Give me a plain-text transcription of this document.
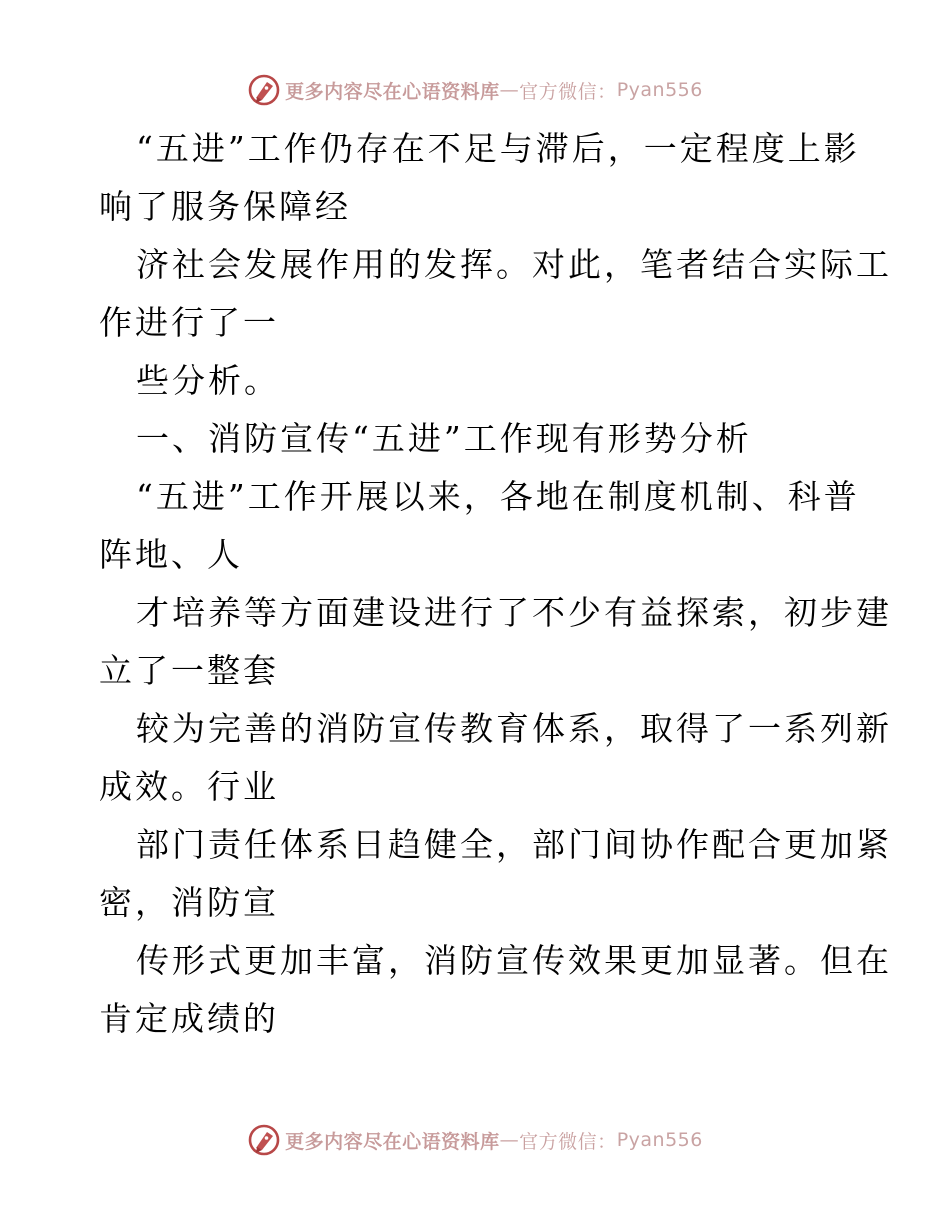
更多内容尽在心语资料库 — 官方微信： Pyan556
“五进”工作仍存在不足与滞后，一定程度上影
响了服务保障经
济社会发展作用的发挥。对此，笔者结合实际工
作进行了一
些分析。
一、消防宣传“五进”工作现有形势分析
“五进”工作开展以来，各地在制度机制、科普
阵地、人
才培养等方面建设进行了不少有益探索，初步建
立了一整套
较为完善的消防宣传教育体系，取得了一系列新
成效。行业
部门责任体系日趋健全，部门间协作配合更加紧
密，消防宣
传形式更加丰富，消防宣传效果更加显著。但在
肯定成绩的
更多内容尽在心语资料库 — 官方微信： Pyan556
